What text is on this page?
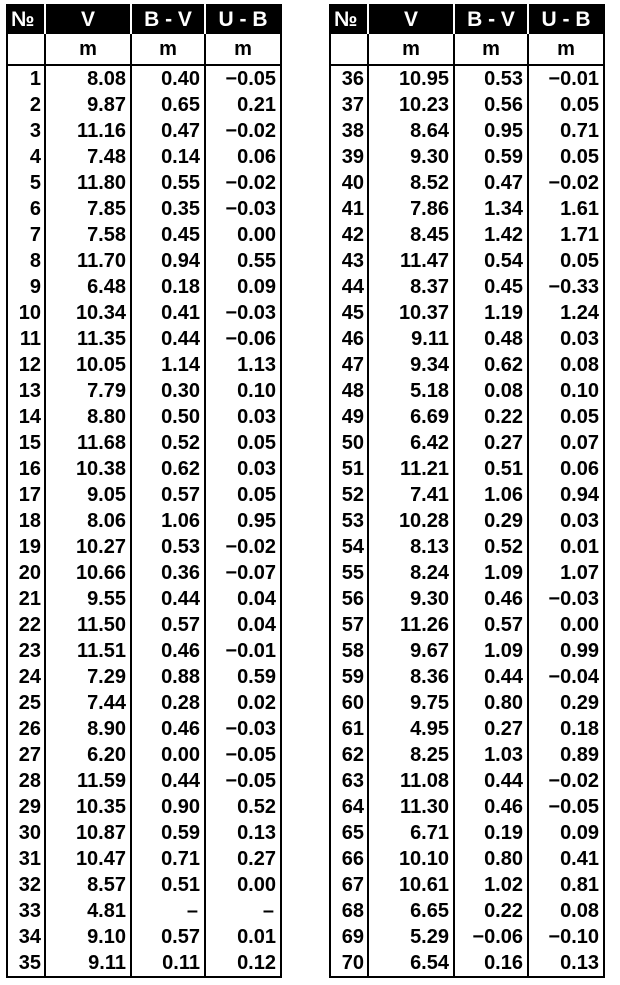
№	V	B - V	U - B
	m	m	m
1	8.08	0.40	−0.05
2	9.87	0.65	0.21
3	11.16	0.47	−0.02
4	7.48	0.14	0.06
5	11.80	0.55	−0.02
6	7.85	0.35	−0.03
7	7.58	0.45	0.00
8	11.70	0.94	0.55
9	6.48	0.18	0.09
10	10.34	0.41	−0.03
11	11.35	0.44	−0.06
12	10.05	1.14	1.13
13	7.79	0.30	0.10
14	8.80	0.50	0.03
15	11.68	0.52	0.05
16	10.38	0.62	0.03
17	9.05	0.57	0.05
18	8.06	1.06	0.95
19	10.27	0.53	−0.02
20	10.66	0.36	−0.07
21	9.55	0.44	0.04
22	11.50	0.57	0.04
23	11.51	0.46	−0.01
24	7.29	0.88	0.59
25	7.44	0.28	0.02
26	8.90	0.46	−0.03
27	6.20	0.00	−0.05
28	11.59	0.44	−0.05
29	10.35	0.90	0.52
30	10.87	0.59	0.13
31	10.47	0.71	0.27
32	8.57	0.51	0.00
33	4.81	–	–
34	9.10	0.57	0.01
35	9.11	0.11	0.12
№	V	B - V	U - B
	m	m	m
36	10.95	0.53	−0.01
37	10.23	0.56	0.05
38	8.64	0.95	0.71
39	9.30	0.59	0.05
40	8.52	0.47	−0.02
41	7.86	1.34	1.61
42	8.45	1.42	1.71
43	11.47	0.54	0.05
44	8.37	0.45	−0.33
45	10.37	1.19	1.24
46	9.11	0.48	0.03
47	9.34	0.62	0.08
48	5.18	0.08	0.10
49	6.69	0.22	0.05
50	6.42	0.27	0.07
51	11.21	0.51	0.06
52	7.41	1.06	0.94
53	10.28	0.29	0.03
54	8.13	0.52	0.01
55	8.24	1.09	1.07
56	9.30	0.46	−0.03
57	11.26	0.57	0.00
58	9.67	1.09	0.99
59	8.36	0.44	−0.04
60	9.75	0.80	0.29
61	4.95	0.27	0.18
62	8.25	1.03	0.89
63	11.08	0.44	−0.02
64	11.30	0.46	−0.05
65	6.71	0.19	0.09
66	10.10	0.80	0.41
67	10.61	1.02	0.81
68	6.65	0.22	0.08
69	5.29	−0.06	−0.10
70	6.54	0.16	0.13
